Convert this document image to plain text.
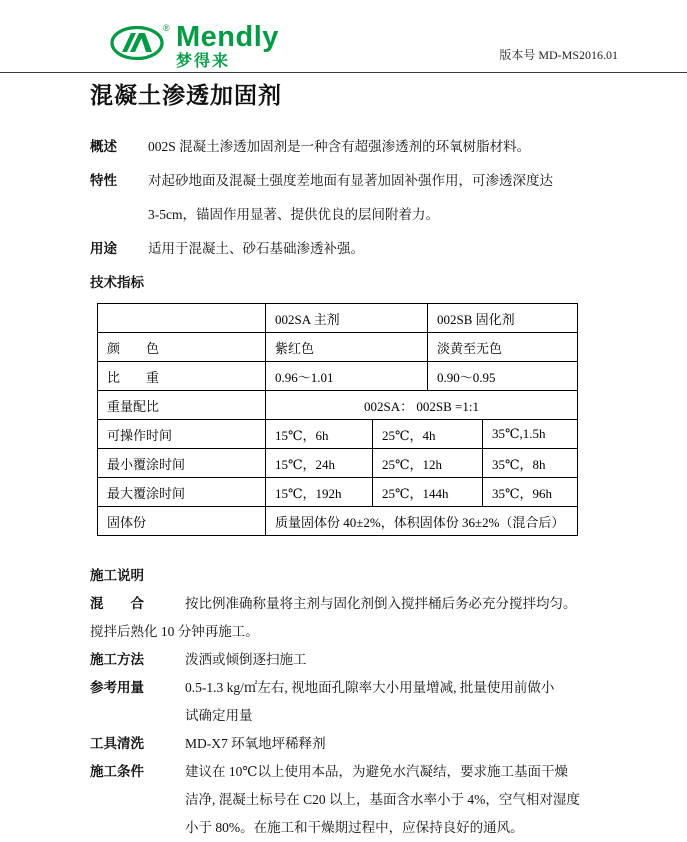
® Mendly
梦得来	版本号 MD-MS2016.01
混凝土渗透加固剂
概述	002S 混凝土渗透加固剂是一种含有超强渗透剂的环氧树脂材料。
特性	对起砂地面及混凝土强度差地面有显著加固补强作用，可渗透深度达
3-5cm，锚固作用显著、提供优良的层间附着力。
用途	适用于混凝土、砂石基础渗透补强。
技术指标
	002SA 主剂		002SB 固化剂	
颜　　色	紫红色		淡黄至无色	
比　　重	0.96～1.01		0.90～0.95	
重量配比	002SA： 002SB =1:1			
可操作时间	15℃，6h	25℃，4h		35℃,1.5h
最小覆涂时间	15℃，24h	25℃，12h		35℃，8h
最大覆涂时间	15℃，192h	25℃，144h		35℃，96h
固体份	质量固体份 40±2%，体积固体份 36±2%（混合后）			
施工说明
混　　合	按比例准确称量将主剂与固化剂倒入搅拌桶后务必充分搅拌均匀。
搅拌后熟化 10 分钟再施工。
施工方法	泼洒或倾倒逐扫施工
参考用量	0.5-1.3 kg/㎡左右, 视地面孔隙率大小用量增减, 批量使用前做小
试确定用量
工具清洗	MD-X7 环氧地坪稀释剂
施工条件	建议在 10℃以上使用本品，为避免水汽凝结，要求施工基面干燥
洁净, 混凝土标号在 C20 以上，基面含水率小于 4%，空气相对湿度
小于 80%。在施工和干燥期过程中，应保持良好的通风。
